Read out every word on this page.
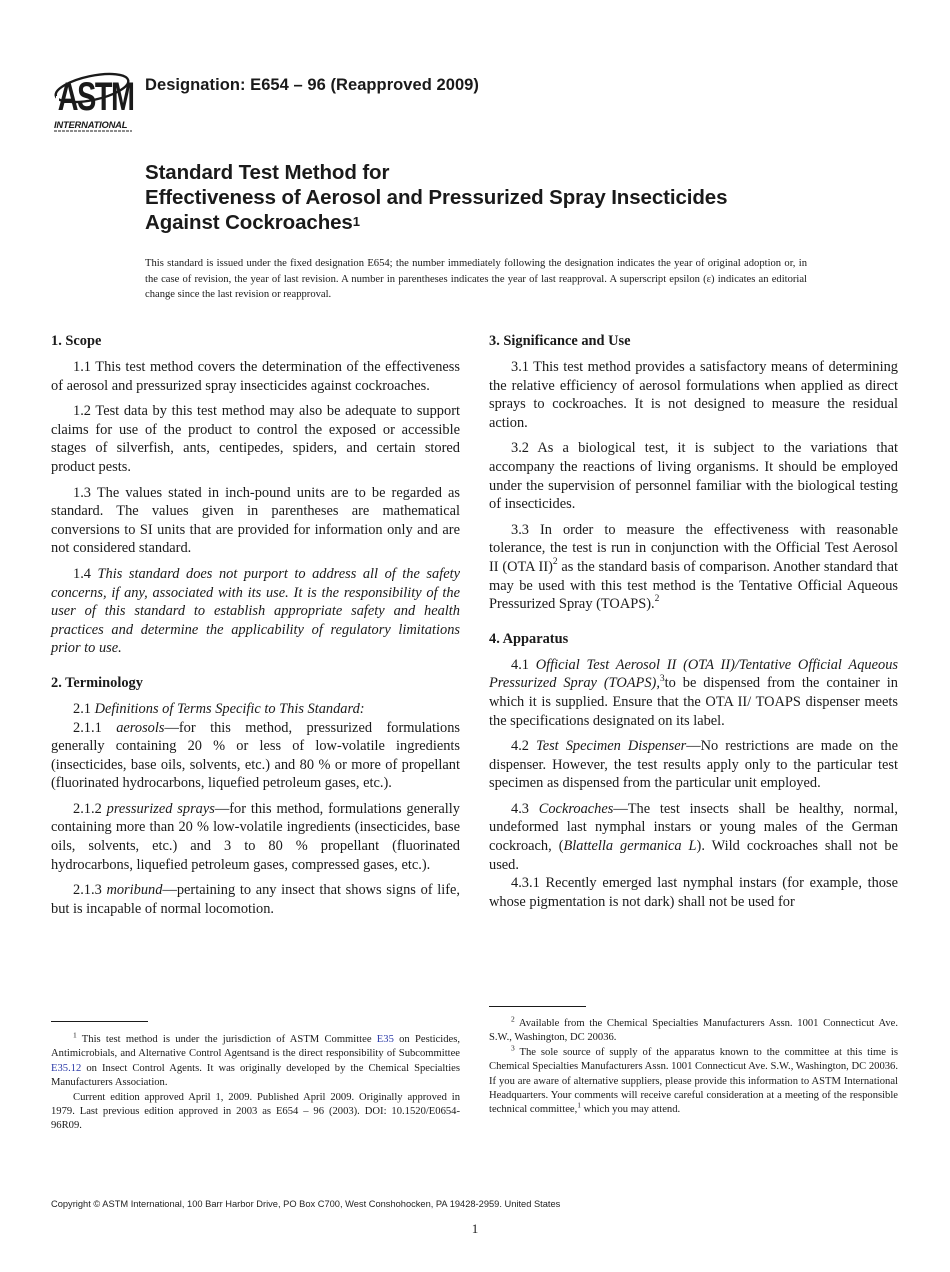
ASTM
INTERNATIONAL
Designation: E654 – 96 (Reapproved 2009)
Standard Test Method for
Effectiveness of Aerosol and Pressurized Spray Insecticides
Against Cockroaches$^1$
This standard is issued under the fixed designation E654; the number immediately following the designation indicates the year of original adoption or, in the case of revision, the year of last revision. A number in parentheses indicates the year of last reapproval. A superscript epsilon (ε) indicates an editorial change since the last revision or reapproval.
1. Scope

1.1 This test method covers the determination of the effectiveness of aerosol and pressurized spray insecticides against cockroaches.

1.2 Test data by this test method may also be adequate to support claims for use of the product to control the exposed or accessible stages of silverfish, ants, centipedes, spiders, and certain stored product pests.

1.3 The values stated in inch-pound units are to be regarded as standard. The values given in parentheses are mathematical conversions to SI units that are provided for information only and are not considered standard.

1.4 This standard does not purport to address all of the safety concerns, if any, associated with its use. It is the responsibility of the user of this standard to establish appropriate safety and health practices and determine the applicability of regulatory limitations prior to use.

2. Terminology

2.1 Definitions of Terms Specific to This Standard:

2.1.1 aerosols—for this method, pressurized formulations generally containing 20 % or less of low-volatile ingredients (insecticides, base oils, solvents, etc.) and 80 % or more of propellant (fluorinated hydrocarbons, liquefied petroleum gases, etc.).

2.1.2 pressurized sprays—for this method, formulations generally containing more than 20 % low-volatile ingredients (insecticides, base oils, solvents, etc.) and 3 to 80 % propellant (fluorinated hydrocarbons, liquefied petroleum gases, compressed gases, etc.).

2.1.3 moribund—pertaining to any insect that shows signs of life, but is incapable of normal locomotion.

3. Significance and Use

3.1 This test method provides a satisfactory means of determining the relative efficiency of aerosol formulations when applied as direct sprays to cockroaches. It is not designed to measure the residual action.

3.2 As a biological test, it is subject to the variations that accompany the reactions of living organisms. It should be employed under the supervision of personnel familiar with the biological testing of insecticides.

3.3 In order to measure the effectiveness with reasonable tolerance, the test is run in conjunction with the Official Test Aerosol II (OTA II)$^2$ as the standard basis of comparison. Another standard that may be used with this test method is the Tentative Official Aqueous Pressurized Spray (TOAPS).$^2$

4. Apparatus

4.1 Official Test Aerosol II (OTA II)/Tentative Official Aqueous Pressurized Spray (TOAPS),$^3$to be dispensed from the container in which it is supplied. Ensure that the OTA II/ TOAPS dispenser meets the specifications designated on its label.

4.2 Test Specimen Dispenser—No restrictions are made on the dispenser. However, the test results apply only to the particular test specimen as dispensed from the particular unit employed.

4.3 Cockroaches—The test insects shall be healthy, normal, undeformed last nymphal instars or young males of the German cockroach, (Blattella germanica L). Wild cockroaches shall not be used.

4.3.1 Recently emerged last nymphal instars (for example, those whose pigmentation is not dark) shall not be used for

$^1$ This test method is under the jurisdiction of ASTM Committee E35 on Pesticides, Antimicrobials, and Alternative Control Agentsand is the direct responsibility of Subcommittee E35.12 on Insect Control Agents. It was originally developed by the Chemical Specialties Manufacturers Association.

Current edition approved April 1, 2009. Published April 2009. Originally approved in 1979. Last previous edition approved in 2003 as E654 – 96 (2003). DOI: 10.1520/E0654-96R09.

$^2$ Available from the Chemical Specialties Manufacturers Assn. 1001 Connecticut Ave. S.W., Washington, DC 20036.

$^3$ The sole source of supply of the apparatus known to the committee at this time is Chemical Specialties Manufacturers Assn. 1001 Connecticut Ave. S.W., Washington, DC 20036. If you are aware of alternative suppliers, please provide this information to ASTM International Headquarters. Your comments will receive careful consideration at a meeting of the responsible technical committee,$^1$ which you may attend.

Copyright © ASTM International, 100 Barr Harbor Drive, PO Box C700, West Conshohocken, PA 19428-2959. United States
1
